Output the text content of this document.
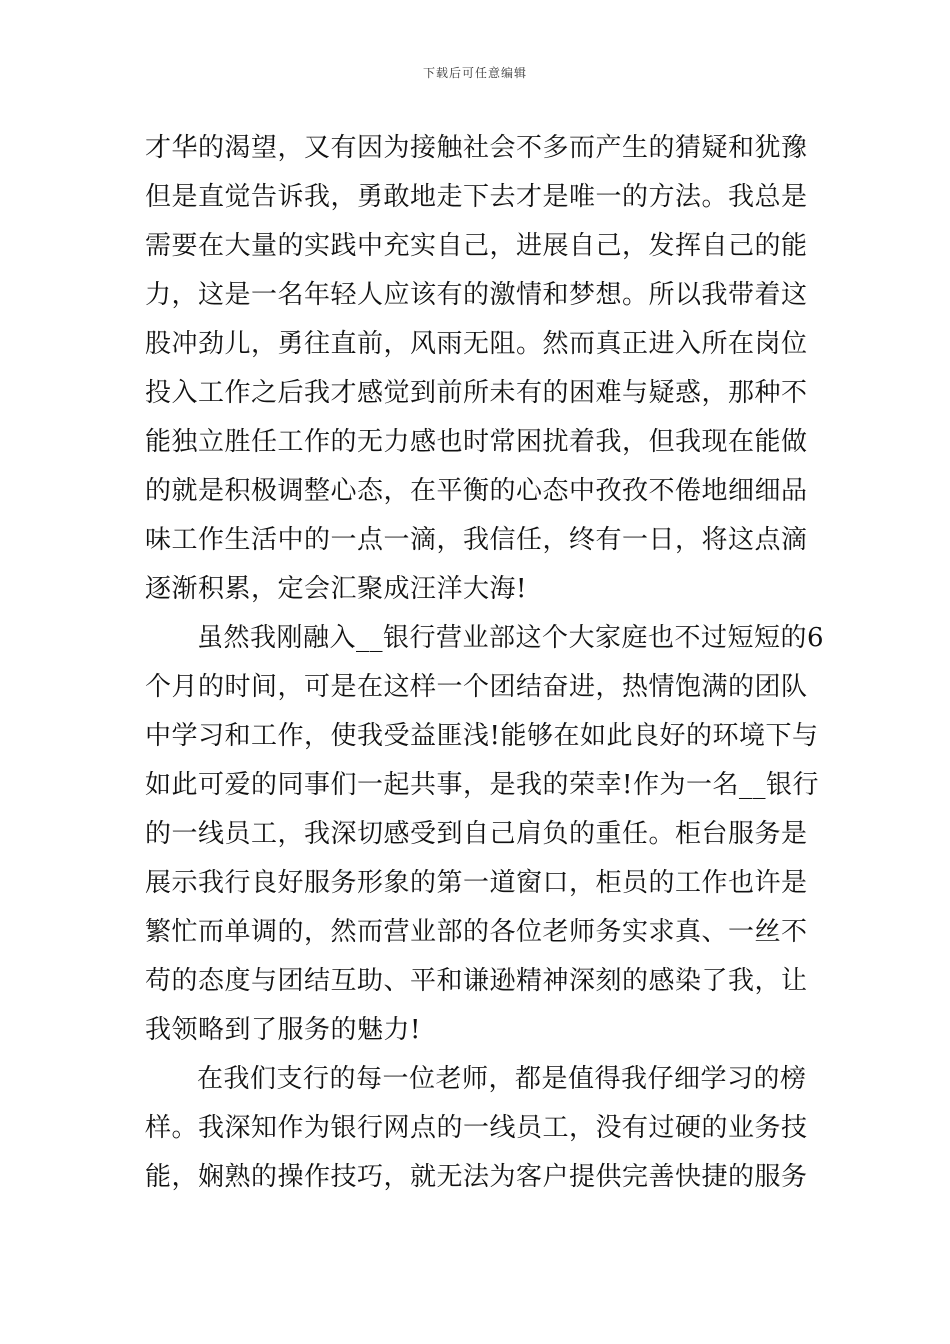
下载后可任意编辑
才华的渴望，又有因为接触社会不多而产生的猜疑和犹豫
但是直觉告诉我，勇敢地走下去才是唯一的方法。我总是
需要在大量的实践中充实自己，进展自己，发挥自己的能
力，这是一名年轻人应该有的激情和梦想。所以我带着这
股冲劲儿，勇往直前，风雨无阻。然而真正进入所在岗位
投入工作之后我才感觉到前所未有的困难与疑惑，那种不
能独立胜任工作的无力感也时常困扰着我，但我现在能做
的就是积极调整心态，在平衡的心态中孜孜不倦地细细品
味工作生活中的一点一滴，我信任，终有一日，将这点滴
逐渐积累，定会汇聚成汪洋大海!
虽然我刚融入__银行营业部这个大家庭也不过短短的6
个月的时间，可是在这样一个团结奋进，热情饱满的团队
中学习和工作，使我受益匪浅!能够在如此良好的环境下与
如此可爱的同事们一起共事，是我的荣幸!作为一名__银行
的一线员工，我深切感受到自己肩负的重任。柜台服务是
展示我行良好服务形象的第一道窗口，柜员的工作也许是
繁忙而单调的，然而营业部的各位老师务实求真、一丝不
苟的态度与团结互助、平和谦逊精神深刻的感染了我，让
我领略到了服务的魅力!
在我们支行的每一位老师，都是值得我仔细学习的榜
样。我深知作为银行网点的一线员工，没有过硬的业务技
能，娴熟的操作技巧，就无法为客户提供完善快捷的服务
